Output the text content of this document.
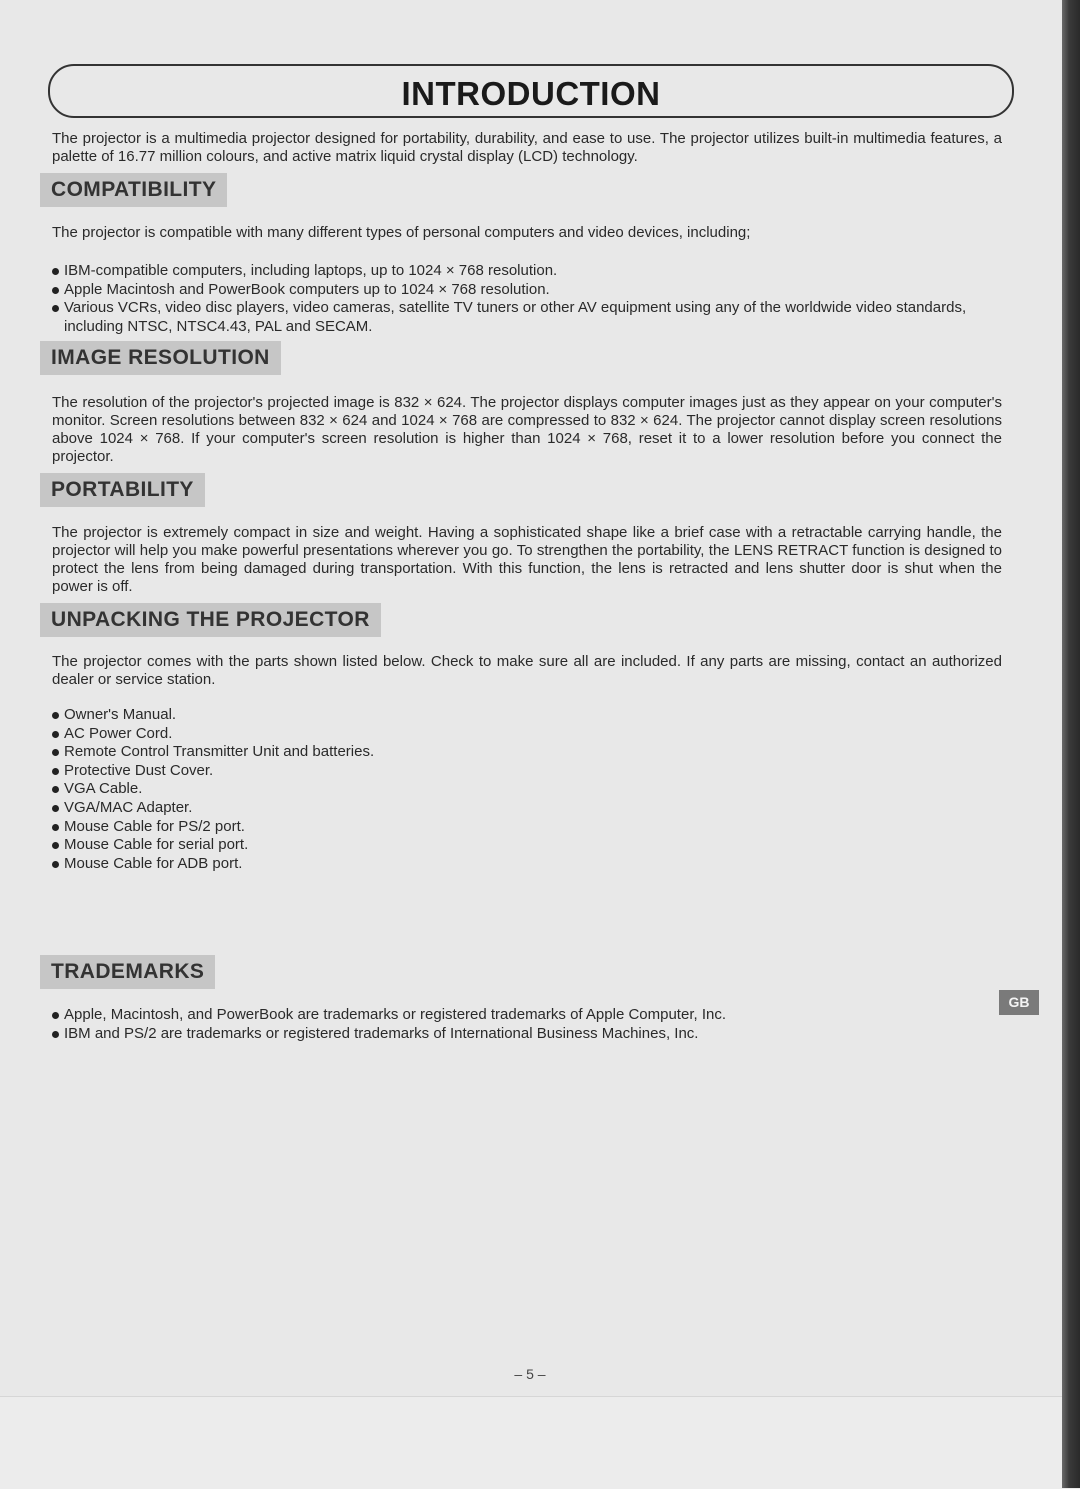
INTRODUCTION

The projector is a multimedia projector designed for portability, durability, and ease to use. The projector utilizes built-in multimedia features, a palette of 16.77 million colours, and active matrix liquid crystal display (LCD) technology.

COMPATIBILITY

The projector is compatible with many different types of personal computers and video devices, including;

IBM-compatible computers, including laptops, up to 1024 × 768 resolution.
Apple Macintosh and PowerBook computers up to 1024 × 768 resolution.
Various VCRs, video disc players, video cameras, satellite TV tuners or other AV equipment using any of the worldwide video standards, including NTSC, NTSC4.43, PAL and SECAM.
IMAGE RESOLUTION

The resolution of the projector's projected image is 832 × 624. The projector displays computer images just as they appear on your computer's monitor. Screen resolutions between 832 × 624 and 1024 × 768 are compressed to 832 × 624. The projector cannot display screen resolutions above 1024 × 768. If your computer's screen resolution is higher than 1024 × 768, reset it to a lower resolution before you connect the projector.

PORTABILITY

The projector is extremely compact in size and weight. Having a sophisticated shape like a brief case with a retractable carrying handle, the projector will help you make powerful presentations wherever you go. To strengthen the portability, the LENS RETRACT function is designed to protect the lens from being damaged during transportation. With this function, the lens is retracted and lens shutter door is shut when the power is off.

UNPACKING THE PROJECTOR

The projector comes with the parts shown listed below. Check to make sure all are included. If any parts are missing, contact an authorized dealer or service station.

Owner's Manual.
AC Power Cord.
Remote Control Transmitter Unit and batteries.
Protective Dust Cover.
VGA Cable.
VGA/MAC Adapter.
Mouse Cable for PS/2 port.
Mouse Cable for serial port.
Mouse Cable for ADB port.
TRADEMARKS
Apple, Macintosh, and PowerBook are trademarks or registered trademarks of Apple Computer, Inc.
IBM and PS/2 are trademarks or registered trademarks of International Business Machines, Inc.
GB
– 5 –
